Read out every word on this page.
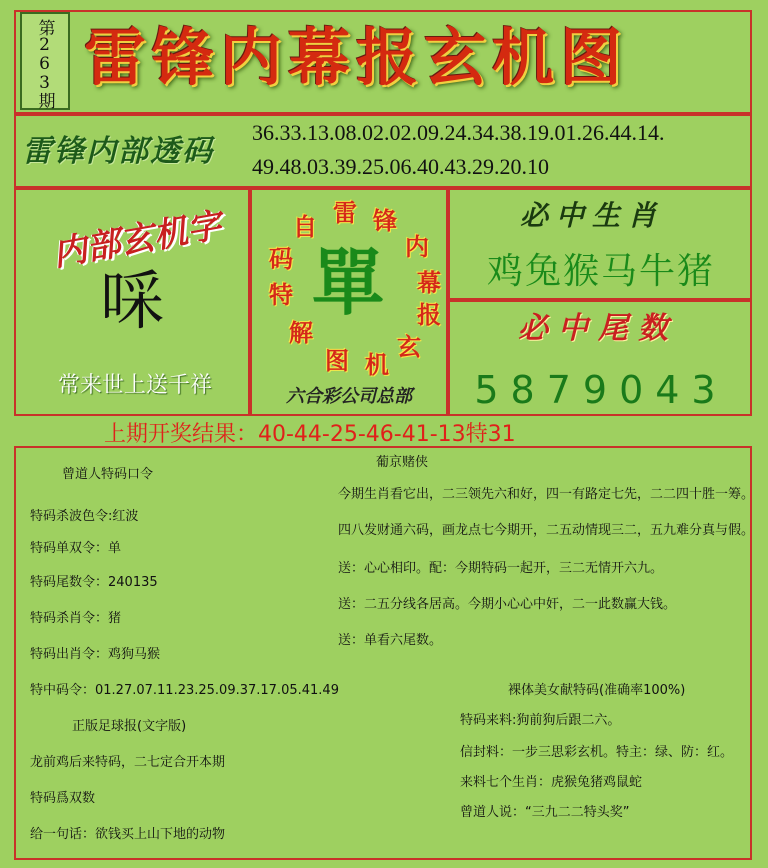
第263期 雷锋内幕报玄机图
雷锋内部透码
36.33.13.08.02.02.09.24.34.38.19.01.26.44.14.
49.48.03.39.25.06.40.43.29.20.10
内部玄机字
啋
常来世上送千祥
雷 锋
内
幕
报
玄
机
图
解
特
码
自
單
六合彩公司总部
必中生肖
鸡兔猴马牛猪
必中尾数
5879043
上期开奖结果：40-44-25-46-41-13特31
曾道人特码口令
特码杀波色令:红波
特码单双令：单
特码尾数令：240135
特码杀肖令：猪
特码出肖令：鸡狗马猴
特中码令：01.27.07.11.23.25.09.37.17.05.41.49
正版足球报(文字版)
龙前鸡后来特码，二七定合开本期
特码爲双数
给一句话：欲钱买上山下地的动物
葡京赌侠
今期生肖看它出，二三领先六和好，四一有路定七先，二二四十胜一筹。
四八发财通六码，画龙点七今期开，二五动情现三二，五九难分真与假。
送：心心相印。配：今期特码一起开，三二无情开六九。
送：二五分线各居高。今期小心心中奸，二一此数赢大钱。
送：单看六尾数。
裸体美女献特码(准确率100%)
特码来料:狗前狗后跟二六。
信封料：一步三思彩玄机。特主：绿、防：红。
来料七个生肖：虎猴兔猪鸡鼠蛇
曾道人说：“三九二二特头奖”
